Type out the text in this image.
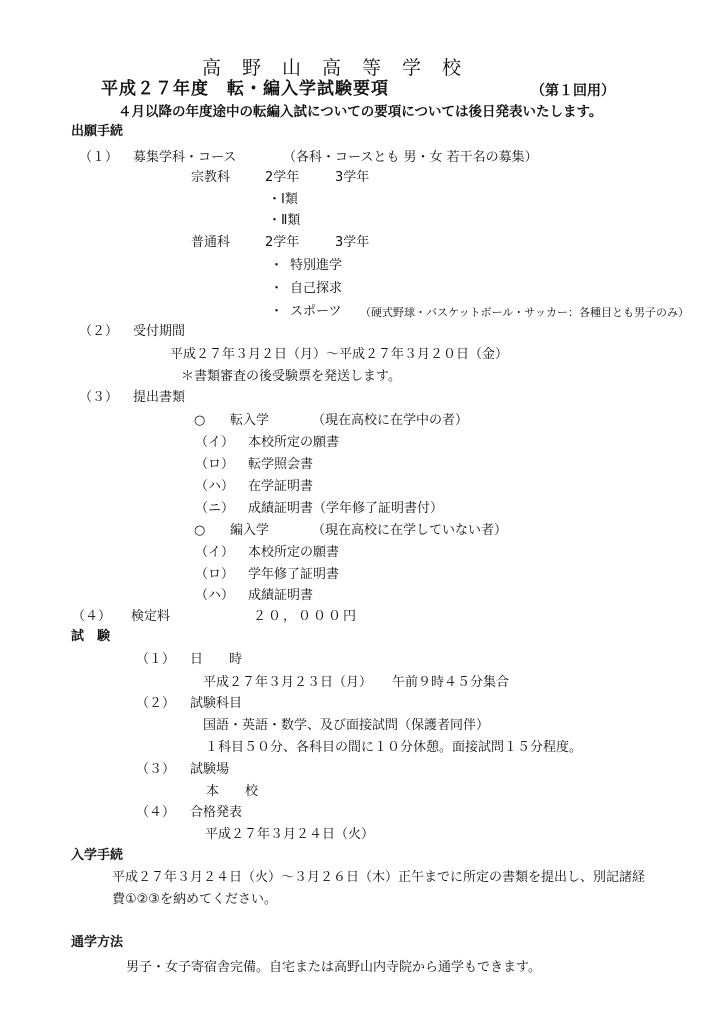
高野山高等学校
平成２７年度　転・編入学試験要項	（第１回用）
４月以降の年度途中の転編入試についての要項については後日発表いたします。
出願手続
（１） 募集学科・コース	（各科・コースとも 男・女 若干名の募集）
宗教科	2学年	3学年
・Ⅰ類
・Ⅱ類
普通科	2学年	3学年
・ 特別進学
・ 自己探求
・ スポーツ （硬式野球・バスケットボール・サッカー：各種目とも男子のみ）
（２） 受付期間
平成２７年３月２日（月）～平成２７年３月２０日（金）
＊書類審査の後受験票を発送します。
（３） 提出書類
○ 転入学	（現在高校に在学中の者）
（イ） 本校所定の願書
（ロ） 転学照会書
（ハ） 在学証明書
（ニ） 成績証明書（学年修了証明書付）
○ 編入学	（現在高校に在学していない者）
（イ） 本校所定の願書
（ロ） 学年修了証明書
（ハ） 成績証明書
（４） 検定料	２０，０００円
試　験
（１） 日　　時
平成２７年３月２３日（月） 午前９時４５分集合
（２） 試験科目
国語・英語・数学、及び面接試問（保護者同伴）
１科目５０分、各科目の間に１０分休憩。面接試問１５分程度。
（３） 試験場
本　　校
（４） 合格発表
平成２７年３月２４日（火）
入学手続
平成２７年３月２４日（火）～３月２６日（木）正午までに所定の書類を提出し、別記諸経
費①②③を納めてください。
通学方法
男子・女子寄宿舎完備。自宅または高野山内寺院から通学もできます。
